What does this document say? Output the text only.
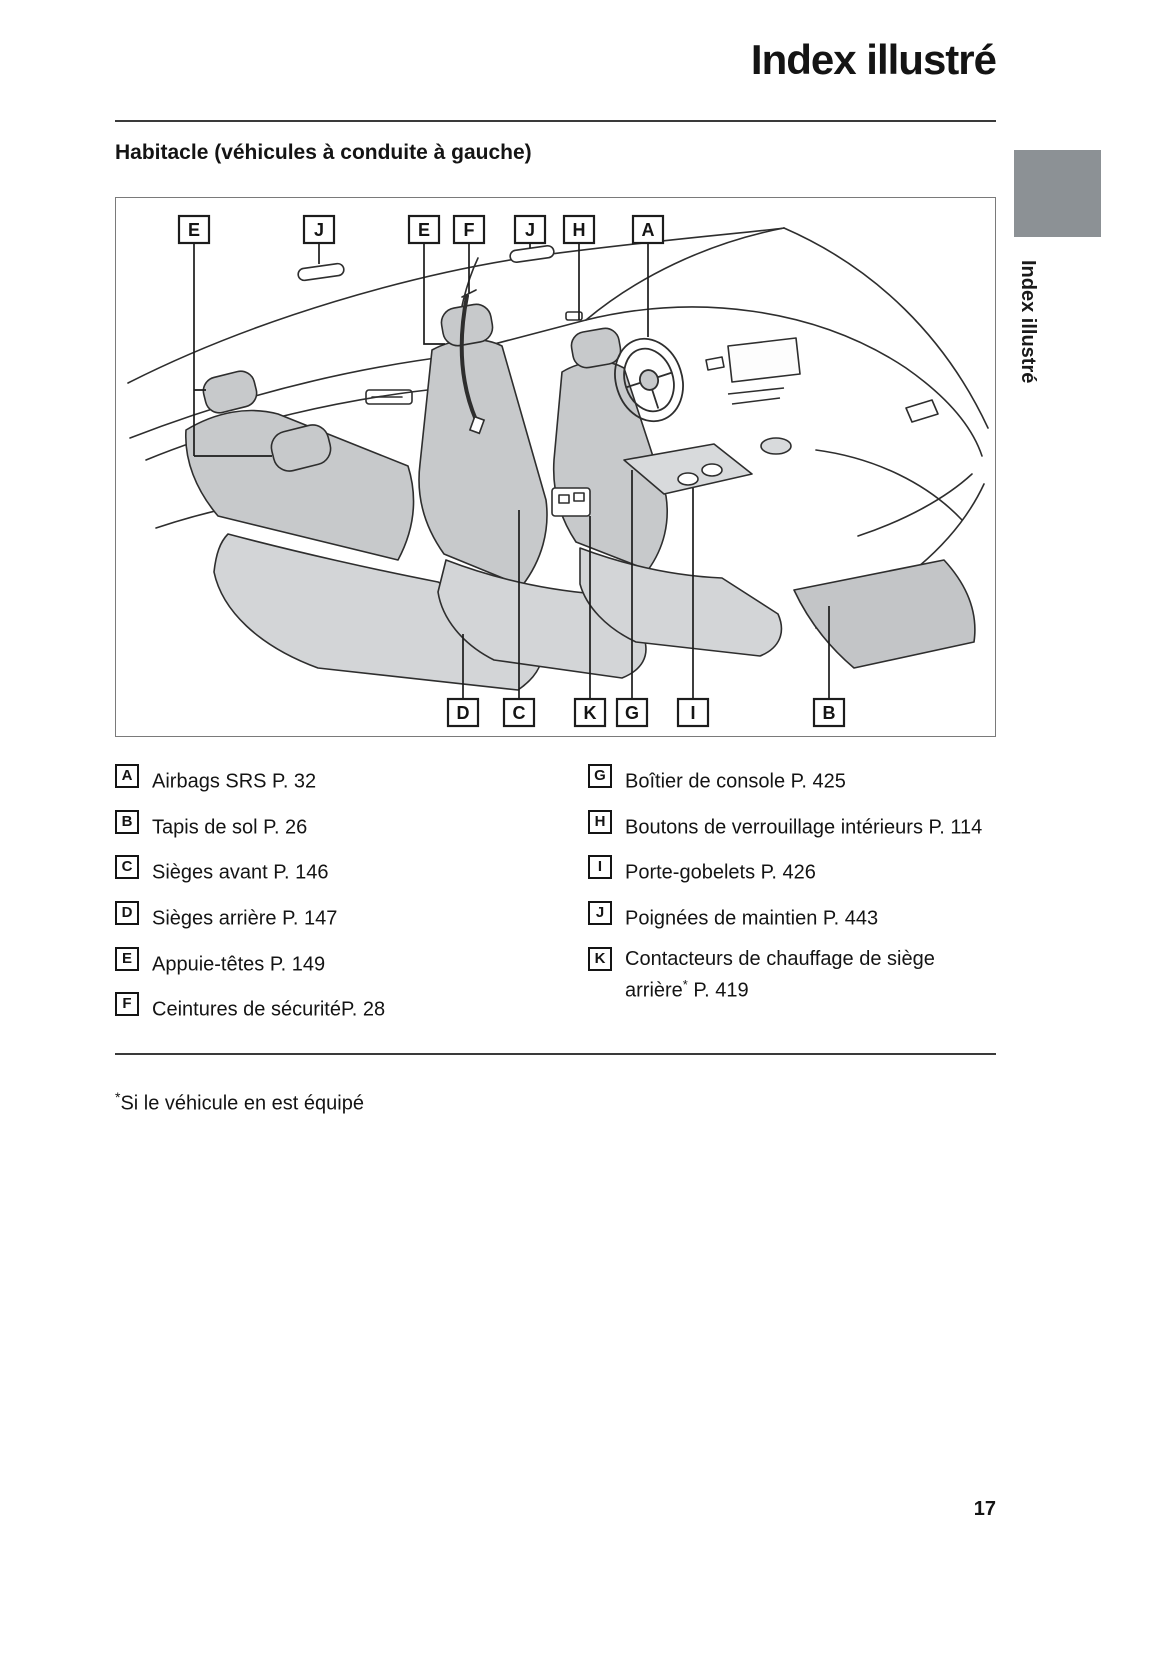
Index illustré
Habitacle (véhicules à conduite à gauche)
E	J	E F	J H	A
D C	K G	I	B
A Airbags SRS P. 32
B Tapis de sol P. 26
C Sièges avant P. 146
D Sièges arrière P. 147
E	Appuie-têtes P. 149
F	Ceintures de sécuritéP. 28
G Boîtier de console P. 425
H Boutons de verrouillage intérieurs P. 114
I	Porte-gobelets P. 426
J	Poignées de maintien P. 443
K Contacteurs de chauffage de siège arrière* P. 419

*Si le véhicule en est équipé

17
Index illustré
